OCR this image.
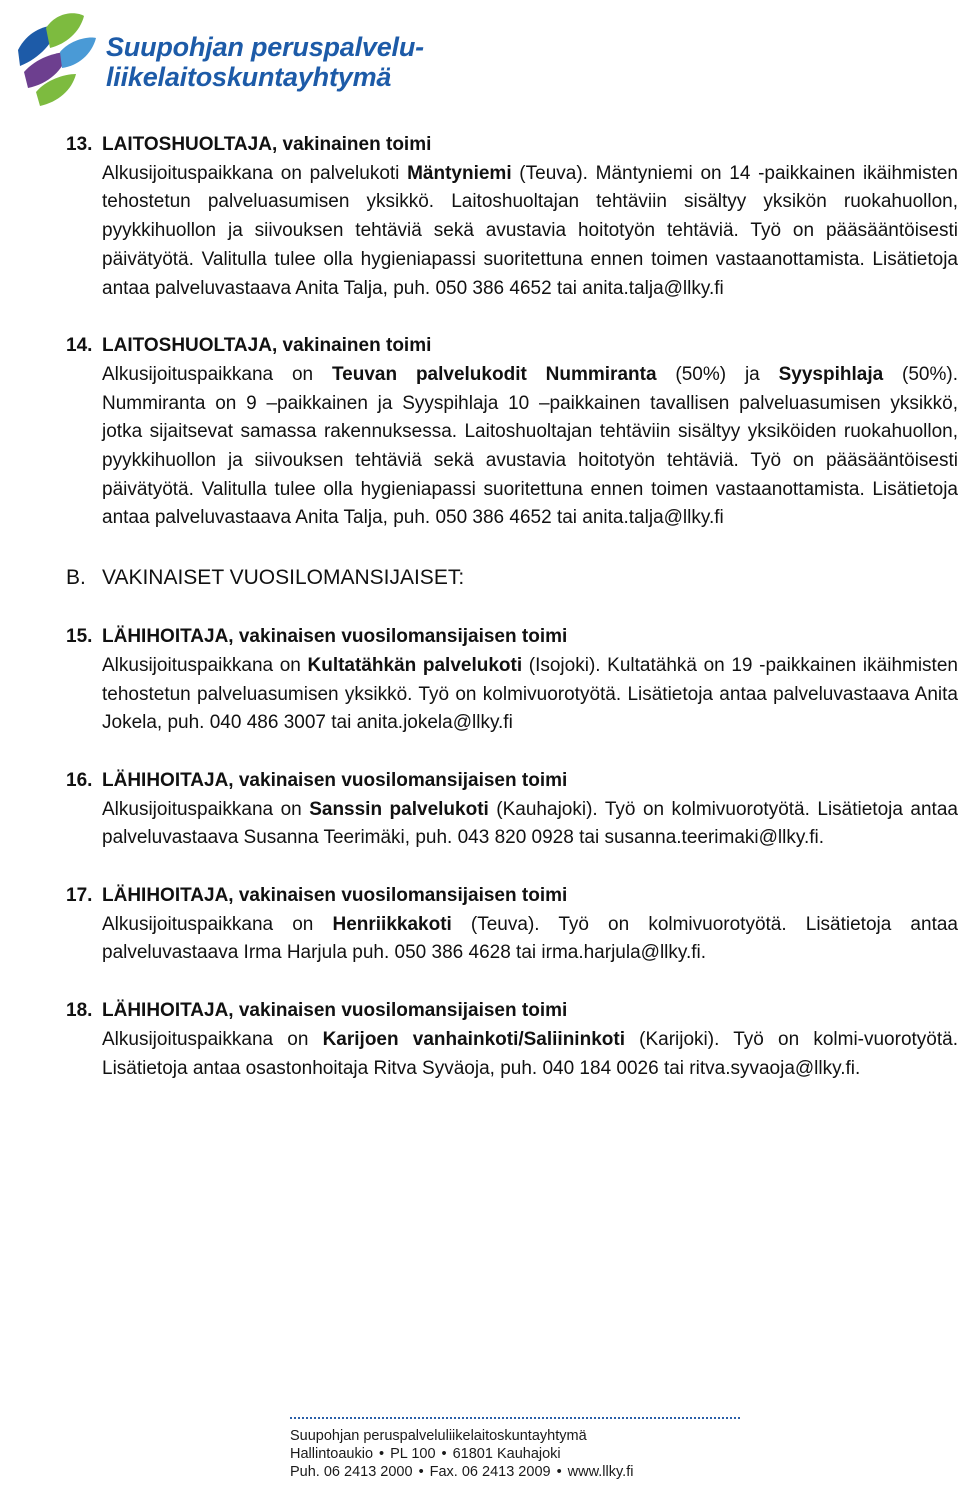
Suupohjan peruspalvelu-
liikelaitoskuntayhtymä
13. LAITOSHUOLTAJA, vakinainen toimi
Alkusijoituspaikkana on palvelukoti Mäntyniemi (Teuva). Mäntyniemi on 14 -paikkainen ikäihmisten tehostetun palveluasumisen yksikkö. Laitoshuoltajan tehtäviin sisältyy yksikön ruokahuollon, pyykkihuollon ja siivouksen tehtäviä sekä avustavia hoitotyön tehtäviä. Työ on pääsääntöisesti päivätyötä. Valitulla tulee olla hygieniapassi suoritettuna ennen toimen vastaanottamista. Lisätietoja antaa palveluvastaava Anita Talja, puh. 050 386 4652 tai anita.talja@llky.fi
14. LAITOSHUOLTAJA, vakinainen toimi
Alkusijoituspaikkana on Teuvan palvelukodit Nummiranta (50%) ja Syyspihlaja (50%). Nummiranta on 9 –paikkainen ja Syyspihlaja 10 –paikkainen tavallisen palveluasumisen yksikkö, jotka sijaitsevat samassa rakennuksessa. Laitoshuoltajan tehtäviin sisältyy yksiköiden ruokahuollon, pyykkihuollon ja siivouksen tehtäviä sekä avustavia hoitotyön tehtäviä. Työ on pääsääntöisesti päivätyötä. Valitulla tulee olla hygieniapassi suoritettuna ennen toimen vastaanottamista. Lisätietoja antaa palveluvastaava Anita Talja, puh. 050 386 4652 tai anita.talja@llky.fi
B. VAKINAISET VUOSILOMANSIJAISET:
15. LÄHIHOITAJA, vakinaisen vuosilomansijaisen toimi
Alkusijoituspaikkana on Kultatähkän palvelukoti (Isojoki). Kultatähkä on 19 -paikkainen ikäihmisten tehostetun palveluasumisen yksikkö. Työ on kolmivuorotyötä. Lisätietoja antaa palveluvastaava Anita Jokela, puh. 040 486 3007 tai anita.jokela@llky.fi
16. LÄHIHOITAJA, vakinaisen vuosilomansijaisen toimi
Alkusijoituspaikkana on Sanssin palvelukoti (Kauhajoki). Työ on kolmivuorotyötä. Lisätietoja antaa palveluvastaava Susanna Teerimäki, puh. 043 820 0928 tai susanna.teerimaki@llky.fi.
17. LÄHIHOITAJA, vakinaisen vuosilomansijaisen toimi
Alkusijoituspaikkana on Henriikkakoti (Teuva). Työ on kolmivuorotyötä. Lisätietoja antaa palveluvastaava Irma Harjula puh. 050 386 4628 tai irma.harjula@llky.fi.
18. LÄHIHOITAJA, vakinaisen vuosilomansijaisen toimi
Alkusijoituspaikkana on Karijoen vanhainkoti/Saliininkoti (Karijoki). Työ on kolmi-vuorotyötä. Lisätietoja antaa osastonhoitaja Ritva Syväoja, puh. 040 184 0026 tai ritva.syvaoja@llky.fi.
Suupohjan peruspalveluliikelaitoskuntayhtymä
Hallintoaukio • PL 100 • 61801 Kauhajoki
Puh. 06 2413 2000 • Fax. 06 2413 2009 • www.llky.fi
